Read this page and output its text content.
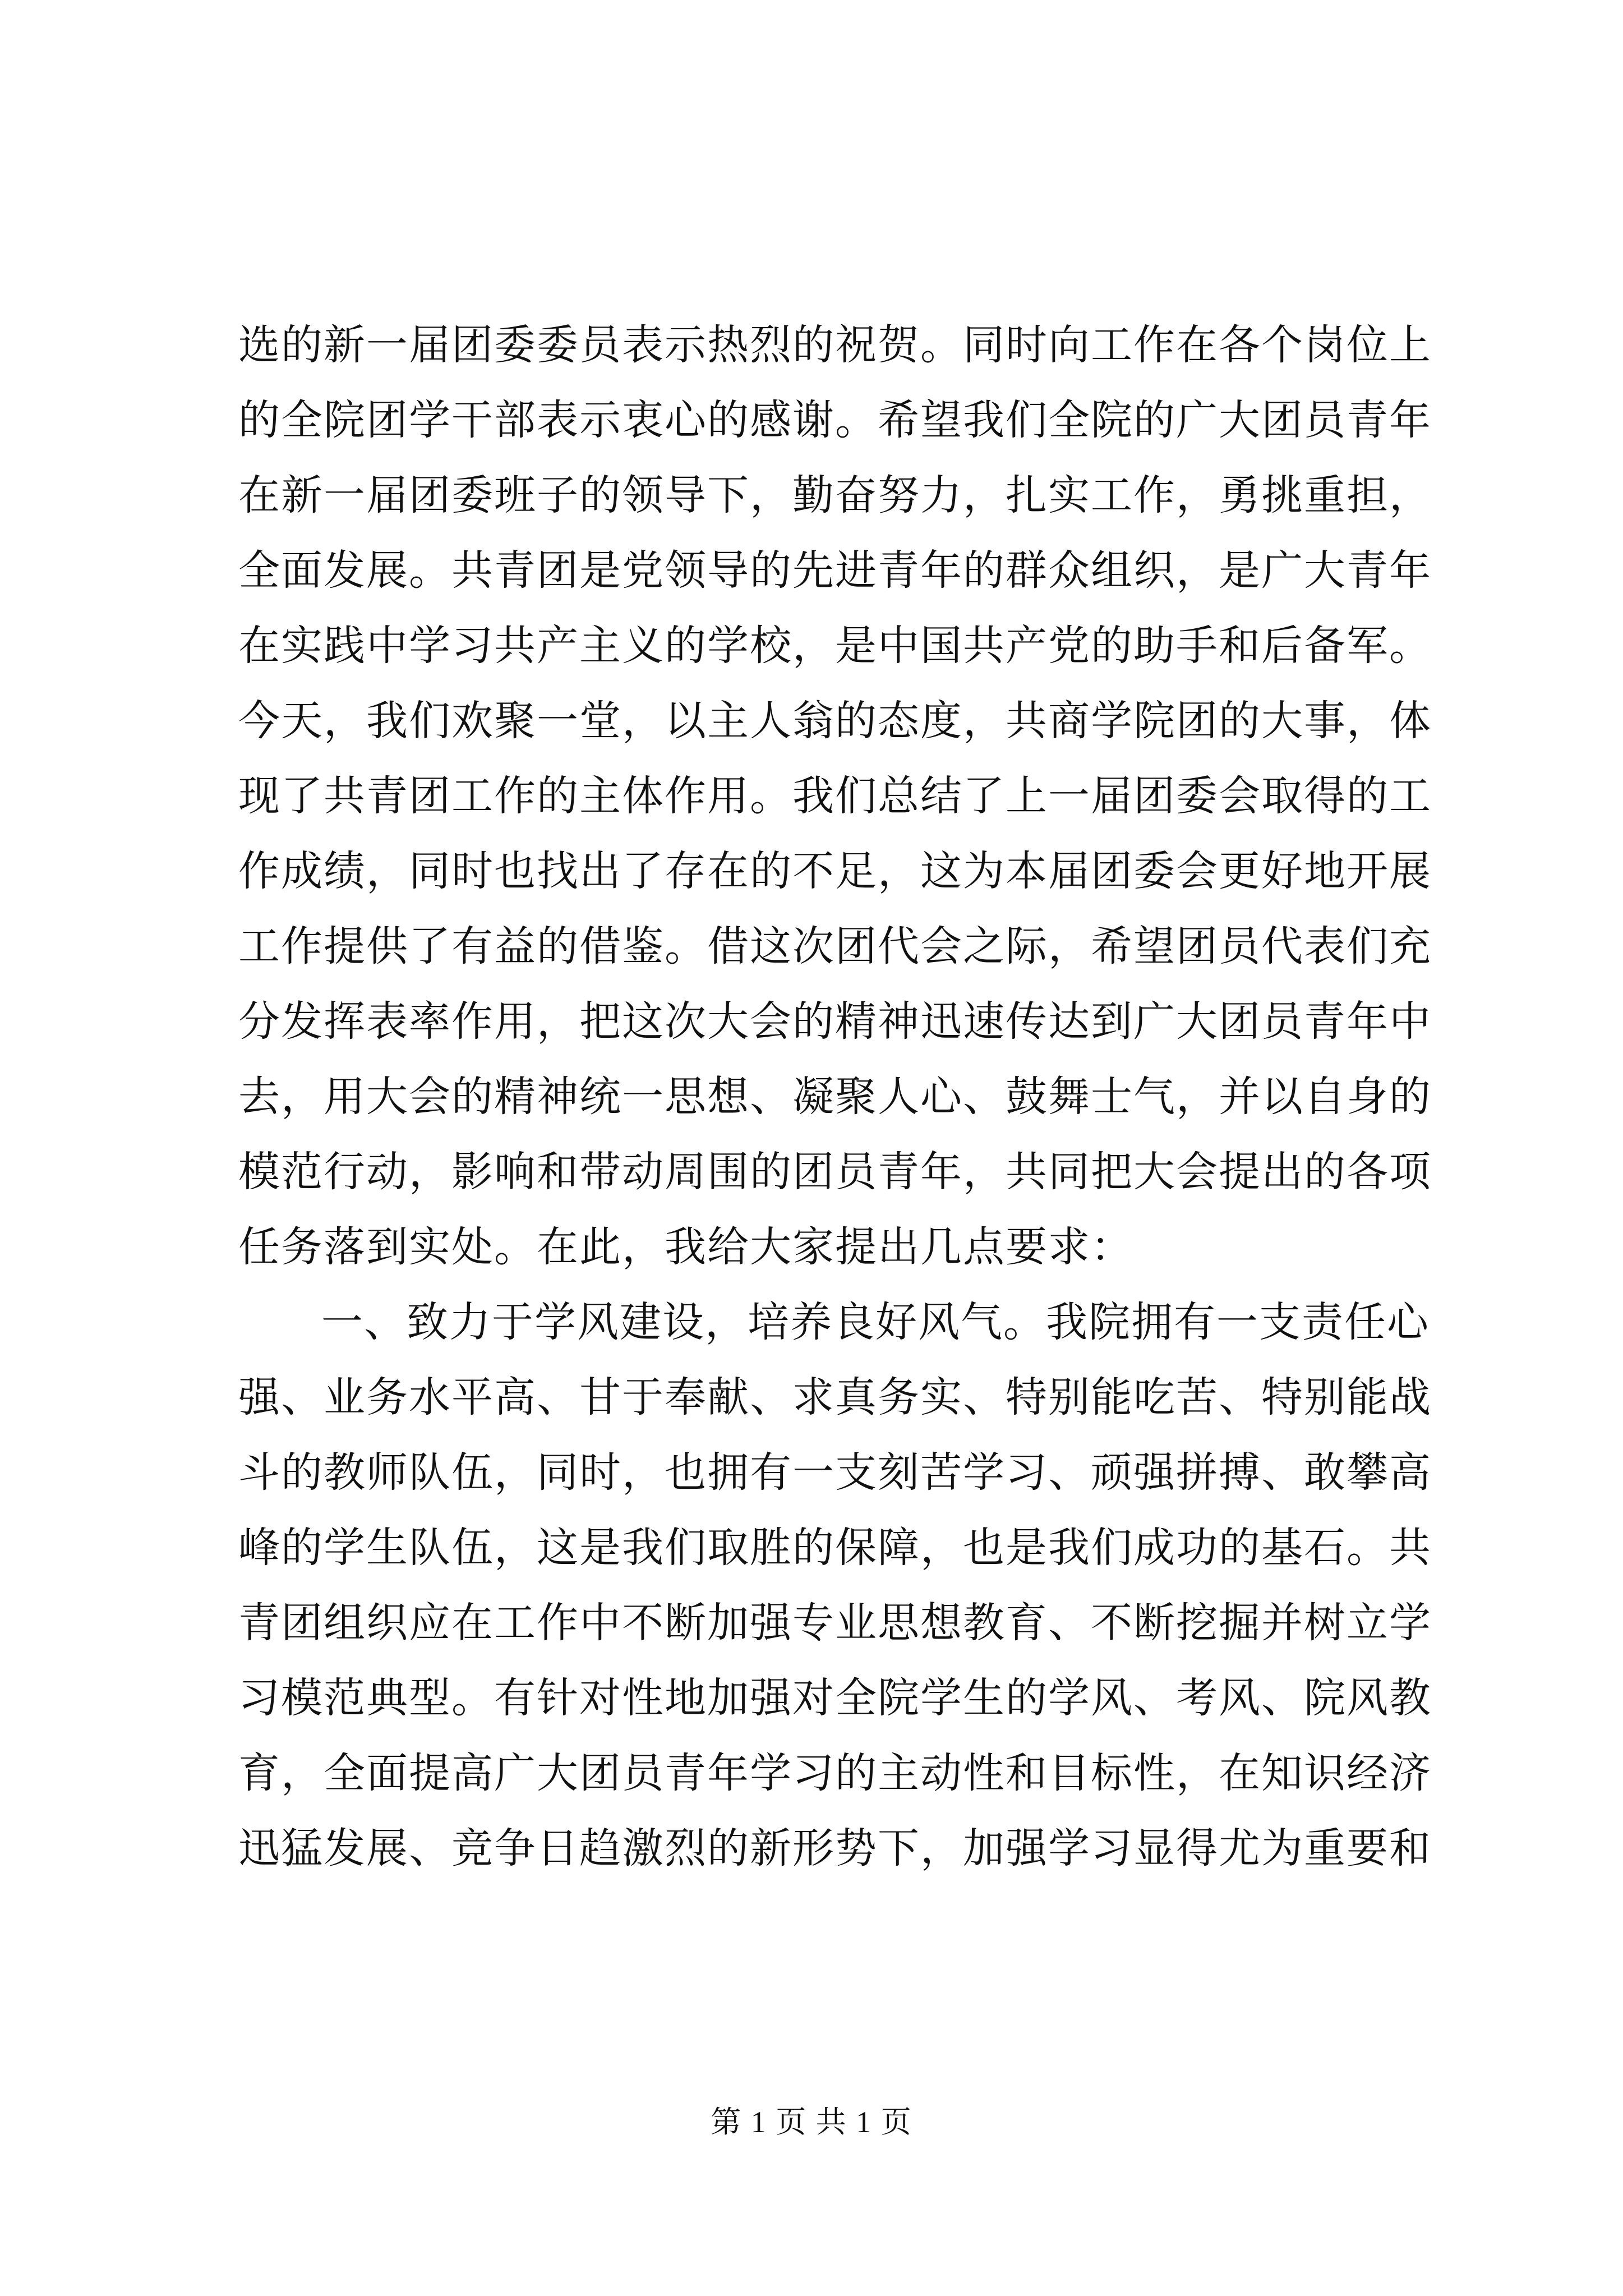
选的新一届团委委员表示热烈的祝贺。同时向工作在各个岗位上
的全院团学干部表示衷心的感谢。希望我们全院的广大团员青年
在新一届团委班子的领导下，勤奋努力，扎实工作，勇挑重担，
全面发展。共青团是党领导的先进青年的群众组织，是广大青年
在实践中学习共产主义的学校，是中国共产党的助手和后备军。
今天，我们欢聚一堂，以主人翁的态度，共商学院团的大事，体
现了共青团工作的主体作用。我们总结了上一届团委会取得的工
作成绩，同时也找出了存在的不足，这为本届团委会更好地开展
工作提供了有益的借鉴。借这次团代会之际，希望团员代表们充
分发挥表率作用，把这次大会的精神迅速传达到广大团员青年中
去，用大会的精神统一思想、凝聚人心、鼓舞士气，并以自身的
模范行动，影响和带动周围的团员青年，共同把大会提出的各项
任务落到实处。在此，我给大家提出几点要求：
一、致力于学风建设，培养良好风气。我院拥有一支责任心
强、业务水平高、甘于奉献、求真务实、特别能吃苦、特别能战
斗的教师队伍，同时，也拥有一支刻苦学习、顽强拼搏、敢攀高
峰的学生队伍，这是我们取胜的保障，也是我们成功的基石。共
青团组织应在工作中不断加强专业思想教育、不断挖掘并树立学
习模范典型。有针对性地加强对全院学生的学风、考风、院风教
育，全面提高广大团员青年学习的主动性和目标性，在知识经济
迅猛发展、竞争日趋激烈的新形势下，加强学习显得尤为重要和
第 1 页 共 1 页
